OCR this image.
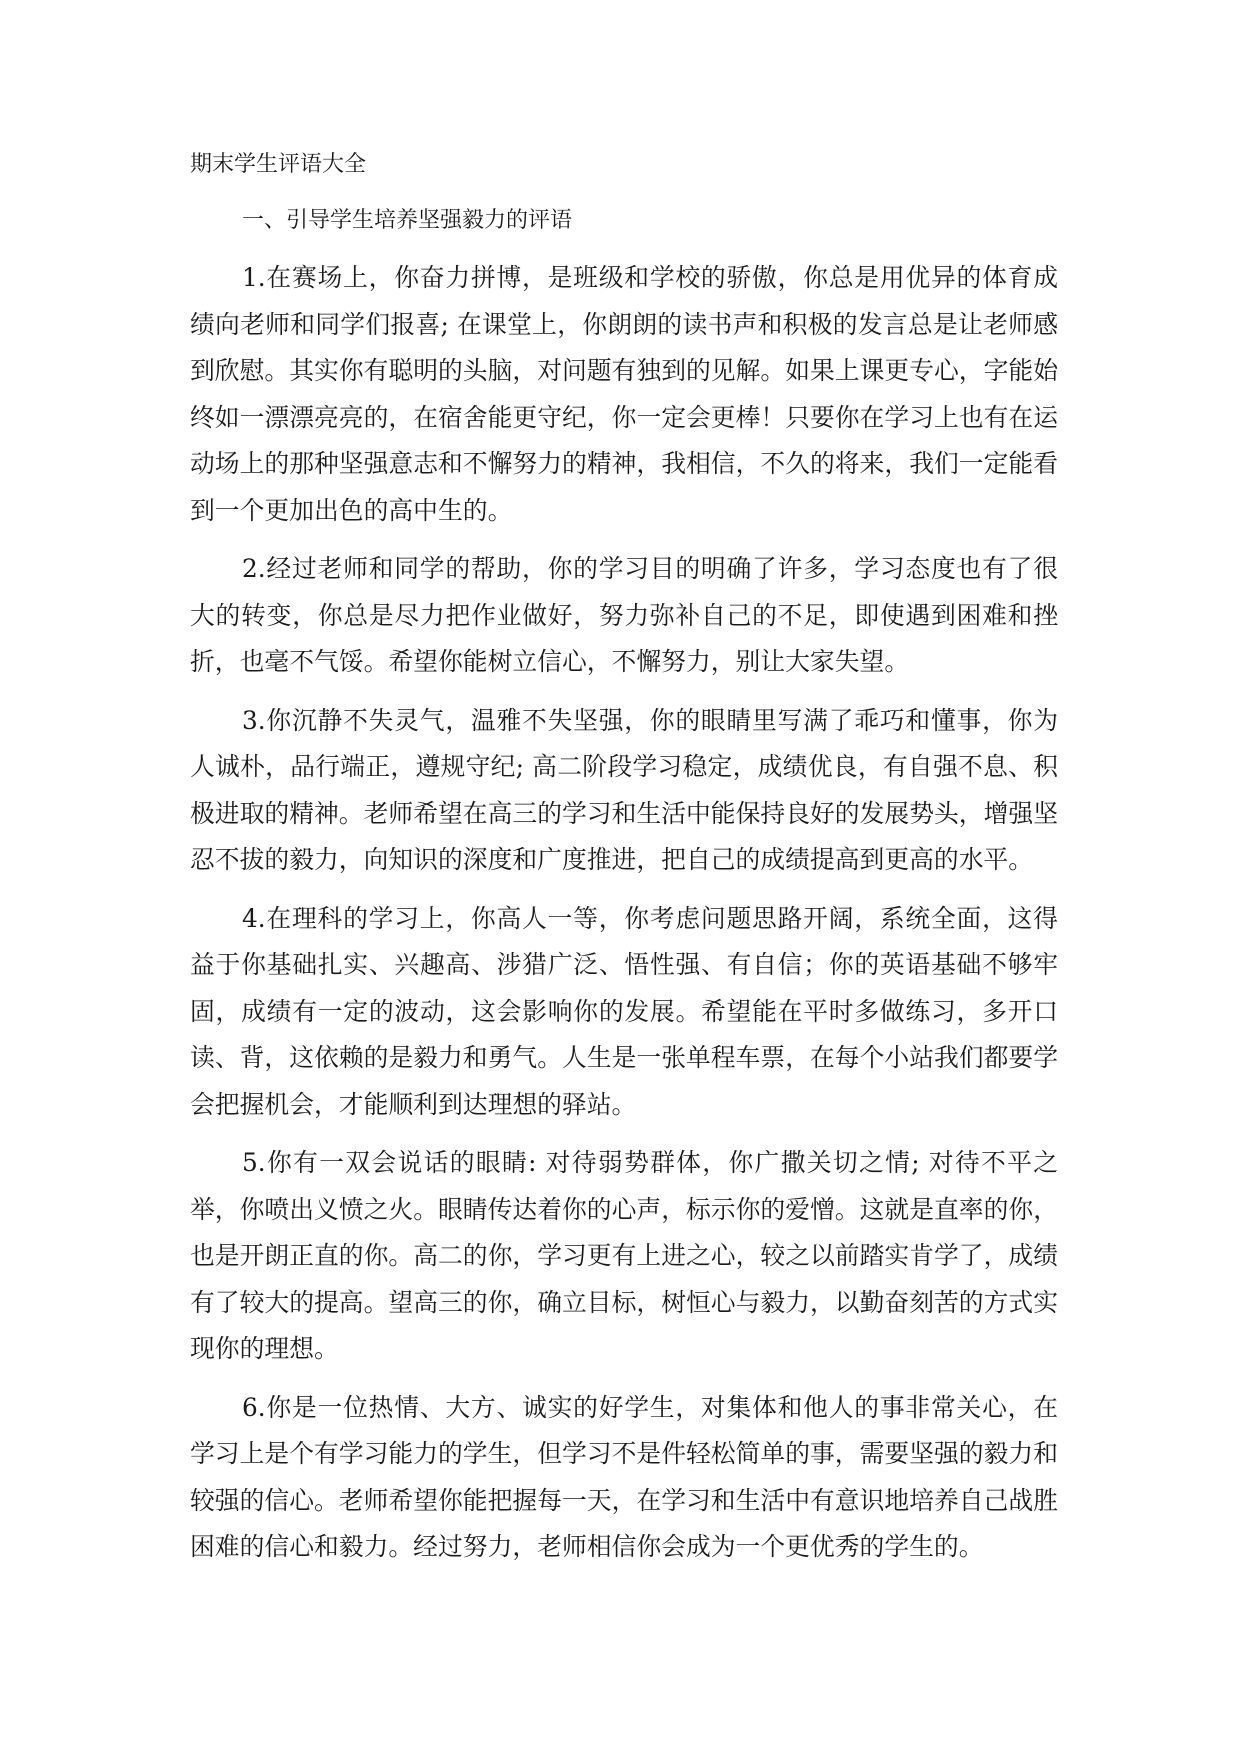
期末学生评语大全
一、引导学生培养坚强毅力的评语

1.在赛场上，你奋力拼博，是班级和学校的骄傲，你总是用优异的体育成绩向老师和同学们报喜; 在课堂上，你朗朗的读书声和积极的发言总是让老师感到欣慰。其实你有聪明的头脑，对问题有独到的见解。如果上课更专心，字能始终如一漂漂亮亮的，在宿舍能更守纪，你一定会更棒！只要你在学习上也有在运动场上的那种坚强意志和不懈努力的精神，我相信，不久的将来，我们一定能看到一个更加出色的高中生的。

2.经过老师和同学的帮助，你的学习目的明确了许多，学习态度也有了很大的转变，你总是尽力把作业做好，努力弥补自己的不足，即使遇到困难和挫折，也毫不气馁。希望你能树立信心，不懈努力，别让大家失望。

3.你沉静不失灵气，温雅不失坚强，你的眼睛里写满了乖巧和懂事，你为人诚朴，品行端正，遵规守纪; 高二阶段学习稳定，成绩优良，有自强不息、积极进取的精神。老师希望在高三的学习和生活中能保持良好的发展势头，增强坚忍不拔的毅力，向知识的深度和广度推进，把自己的成绩提高到更高的水平。

4.在理科的学习上，你高人一等，你考虑问题思路开阔，系统全面，这得益于你基础扎实、兴趣高、涉猎广泛、悟性强、有自信；你的英语基础不够牢固，成绩有一定的波动，这会影响你的发展。希望能在平时多做练习，多开口读、背，这依赖的是毅力和勇气。人生是一张单程车票，在每个小站我们都要学会把握机会，才能顺利到达理想的驿站。

5.你有一双会说话的眼睛: 对待弱势群体，你广撒关切之情; 对待不平之举，你喷出义愤之火。眼睛传达着你的心声，标示你的爱憎。这就是直率的你，也是开朗正直的你。高二的你，学习更有上进之心，较之以前踏实肯学了，成绩有了较大的提高。望高三的你，确立目标，树恒心与毅力，以勤奋刻苦的方式实现你的理想。

6.你是一位热情、大方、诚实的好学生，对集体和他人的事非常关心，在学习上是个有学习能力的学生，但学习不是件轻松简单的事，需要坚强的毅力和较强的信心。老师希望你能把握每一天，在学习和生活中有意识地培养自己战胜困难的信心和毅力。经过努力，老师相信你会成为一个更优秀的学生的。
